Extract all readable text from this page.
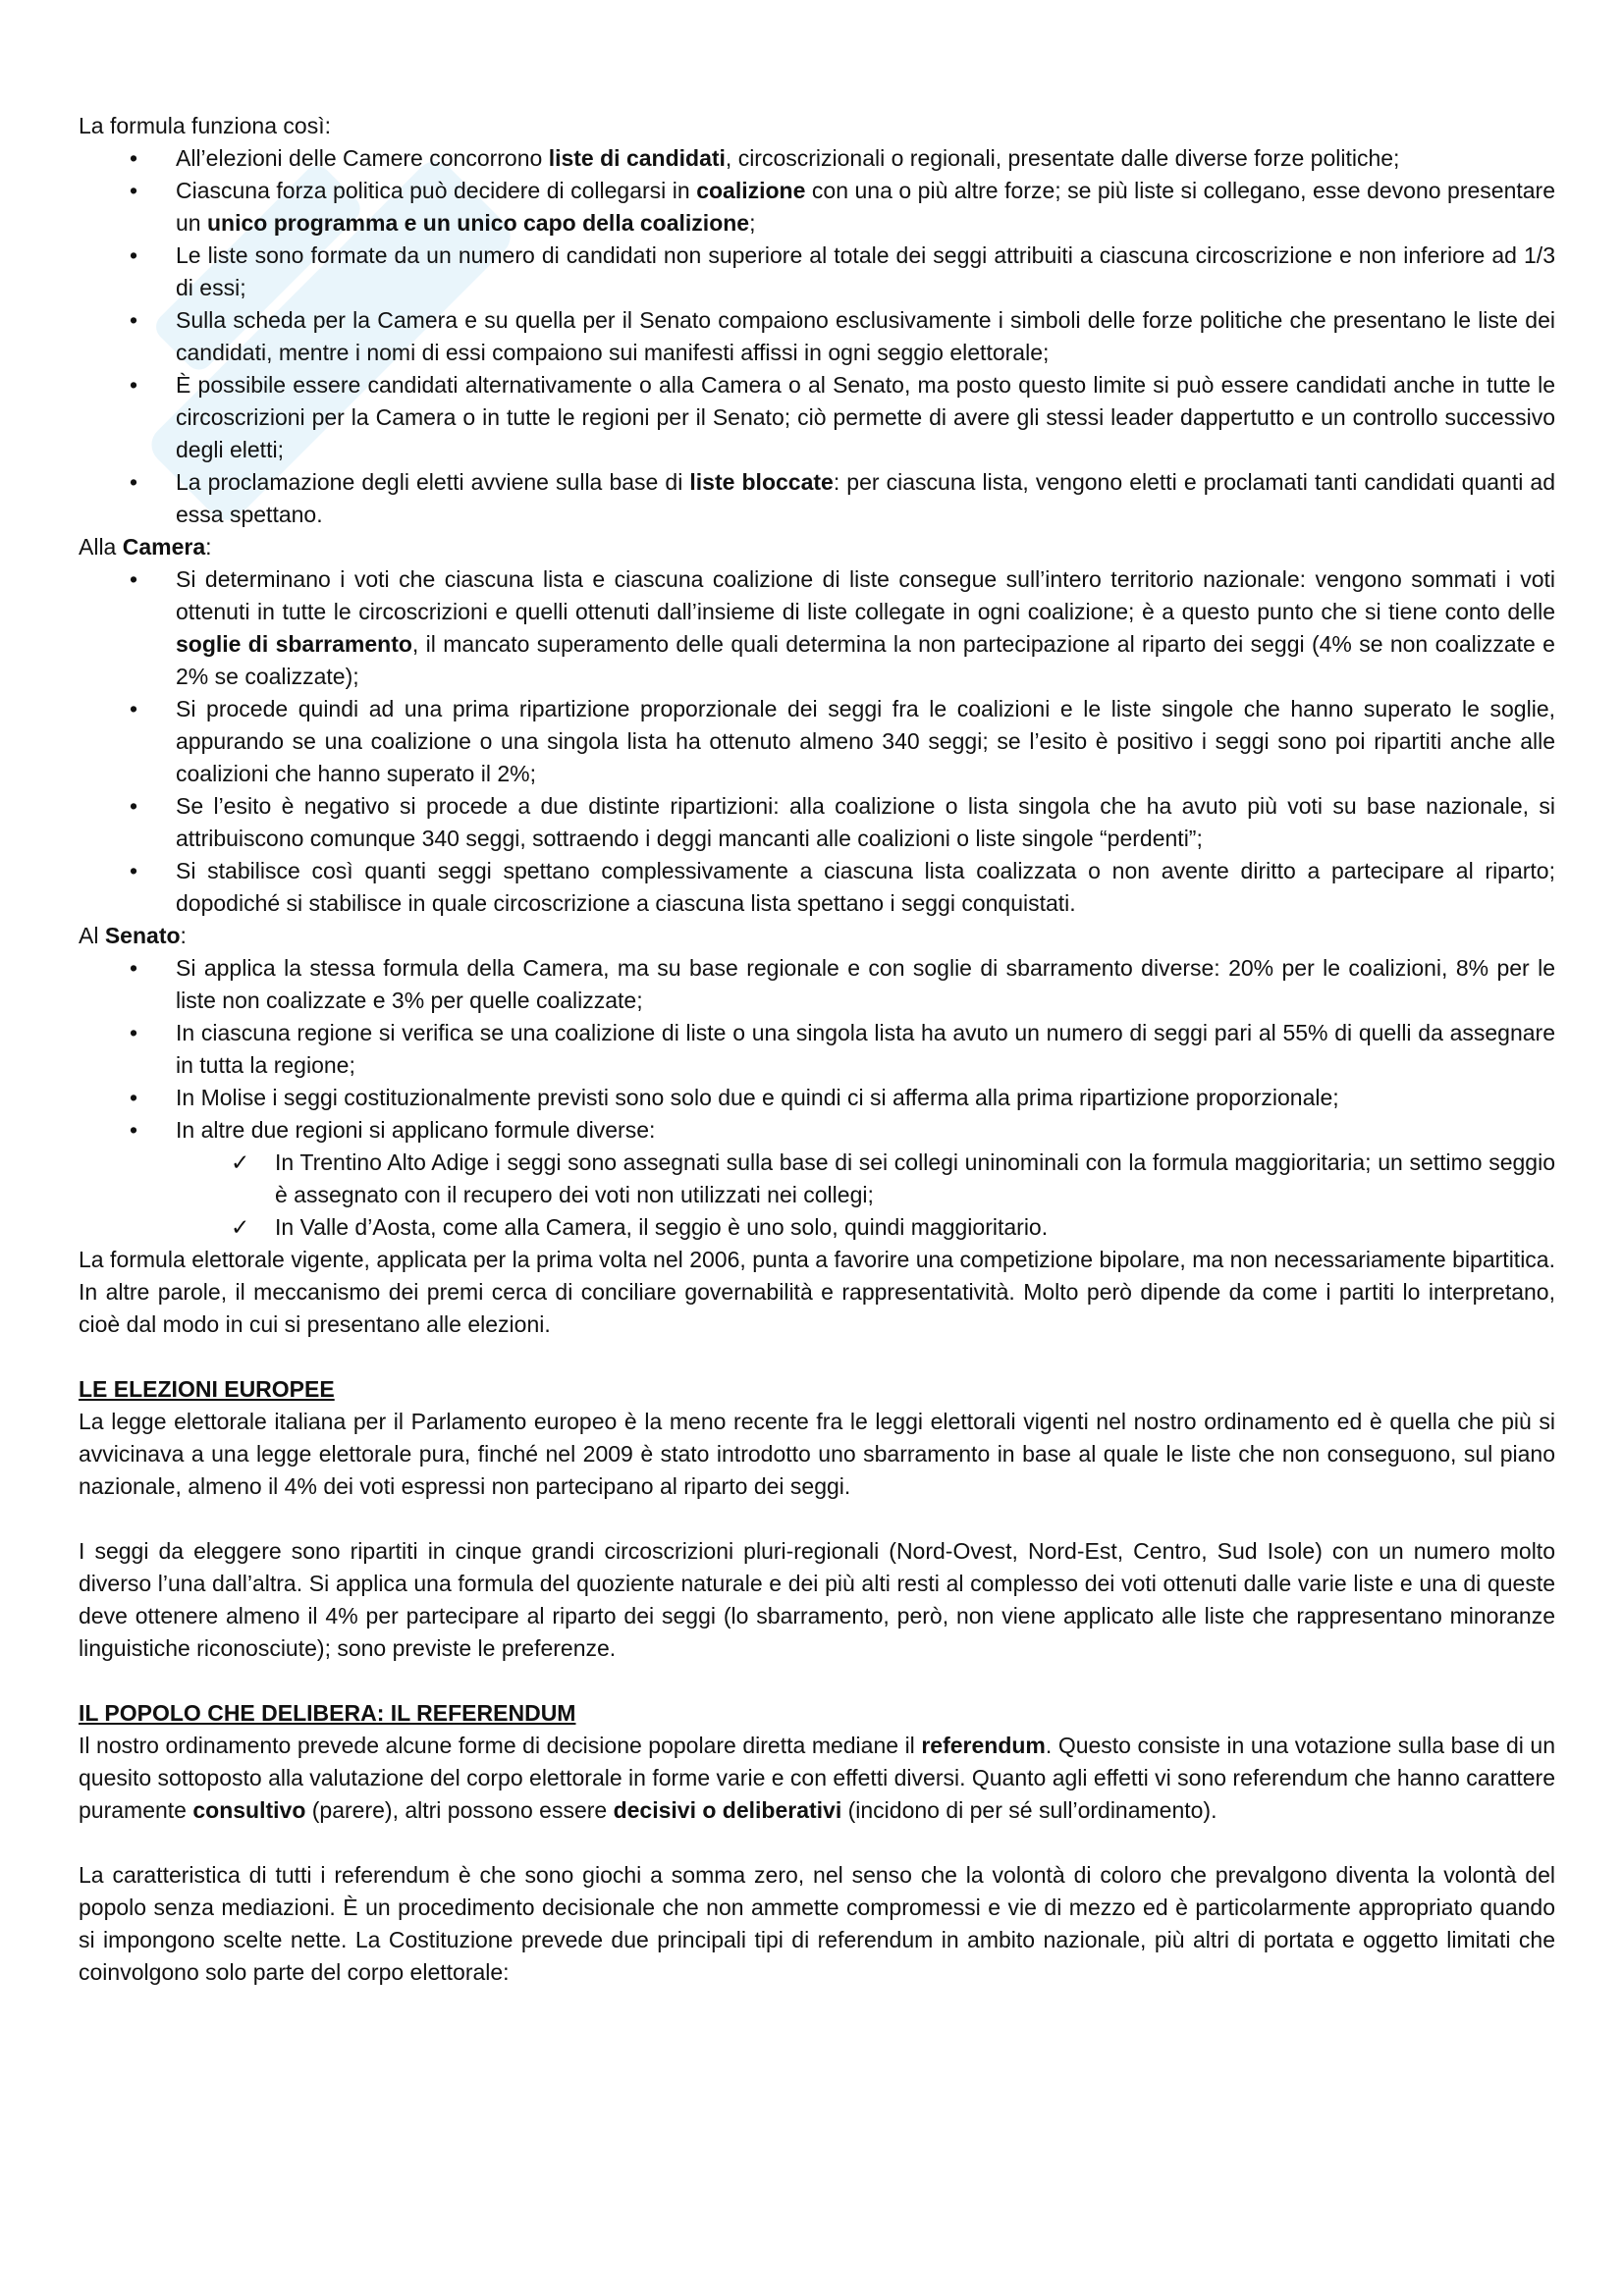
La formula funziona così:

• All’elezioni delle Camere concorrono liste di candidati, circoscrizionali o regionali, presentate dalle diverse forze politiche;
• Ciascuna forza politica può decidere di collegarsi in coalizione con una o più altre forze; se più liste si collegano, esse devono presentare un unico programma e un unico capo della coalizione;
• Le liste sono formate da un numero di candidati non superiore al totale dei seggi attribuiti a ciascuna circoscrizione e non inferiore ad 1/3 di essi;
• Sulla scheda per la Camera e su quella per il Senato compaiono esclusivamente i simboli delle forze politiche che presentano le liste dei candidati, mentre i nomi di essi compaiono sui manifesti affissi in ogni seggio elettorale;
• È possibile essere candidati alternativamente o alla Camera o al Senato, ma posto questo limite si può essere candidati anche in tutte le circoscrizioni per la Camera o in tutte le regioni per il Senato; ciò permette di avere gli stessi leader dappertutto e un controllo successivo degli eletti;
• La proclamazione degli eletti avviene sulla base di liste bloccate: per ciascuna lista, vengono eletti e proclamati tanti candidati quanti ad essa spettano.

Alla Camera:

• Si determinano i voti che ciascuna lista e ciascuna coalizione di liste consegue sull’intero territorio nazionale: vengono sommati i voti ottenuti in tutte le circoscrizioni e quelli ottenuti dall’insieme di liste collegate in ogni coalizione; è a questo punto che si tiene conto delle soglie di sbarramento, il mancato superamento delle quali determina la non partecipazione al riparto dei seggi (4% se non coalizzate e 2% se coalizzate);
• Si procede quindi ad una prima ripartizione proporzionale dei seggi fra le coalizioni e le liste singole che hanno superato le soglie, appurando se una coalizione o una singola lista ha ottenuto almeno 340 seggi; se l’esito è positivo i seggi sono poi ripartiti anche alle coalizioni che hanno superato il 2%;
• Se l’esito è negativo si procede a due distinte ripartizioni: alla coalizione o lista singola che ha avuto più voti su base nazionale, si attribuiscono comunque 340 seggi, sottraendo i deggi mancanti alle coalizioni o liste singole “perdenti”;
• Si stabilisce così quanti seggi spettano complessivamente a ciascuna lista coalizzata o non avente diritto a partecipare al riparto; dopodiché si stabilisce in quale circoscrizione a ciascuna lista spettano i seggi conquistati.

Al Senato:

• Si applica la stessa formula della Camera, ma su base regionale e con soglie di sbarramento diverse: 20% per le coalizioni, 8% per le liste non coalizzate e 3% per quelle coalizzate;
• In ciascuna regione si verifica se una coalizione di liste o una singola lista ha avuto un numero di seggi pari al 55% di quelli da assegnare in tutta la regione;
• In Molise i seggi costituzionalmente previsti sono solo due e quindi ci si afferma alla prima ripartizione proporzionale;
• In altre due regioni si applicano formule diverse:
✓ In Trentino Alto Adige i seggi sono assegnati sulla base di sei collegi uninominali con la formula maggioritaria; un settimo seggio è assegnato con il recupero dei voti non utilizzati nei collegi;
✓ In Valle d’Aosta, come alla Camera, il seggio è uno solo, quindi maggioritario.

La formula elettorale vigente, applicata per la prima volta nel 2006, punta a favorire una competizione bipolare, ma non necessariamente bipartitica. In altre parole, il meccanismo dei premi cerca di conciliare governabilità e rappresentatività. Molto però dipende da come i partiti lo interpretano, cioè dal modo in cui si presentano alle elezioni.

LE ELEZIONI EUROPEE

La legge elettorale italiana per il Parlamento europeo è la meno recente fra le leggi elettorali vigenti nel nostro ordinamento ed è quella che più si avvicinava a una legge elettorale pura, finché nel 2009 è stato introdotto uno sbarramento in base al quale le liste che non conseguono, sul piano nazionale, almeno il 4% dei voti espressi non partecipano al riparto dei seggi.

I seggi da eleggere sono ripartiti in cinque grandi circoscrizioni pluri-regionali (Nord-Ovest, Nord-Est, Centro, Sud Isole) con un numero molto diverso l’una dall’altra. Si applica una formula del quoziente naturale e dei più alti resti al complesso dei voti ottenuti dalle varie liste e una di queste deve ottenere almeno il 4% per partecipare al riparto dei seggi (lo sbarramento, però, non viene applicato alle liste che rappresentano minoranze linguistiche riconosciute); sono previste le preferenze.

IL POPOLO CHE DELIBERA: IL REFERENDUM

Il nostro ordinamento prevede alcune forme di decisione popolare diretta mediane il referendum. Questo consiste in una votazione sulla base di un quesito sottoposto alla valutazione del corpo elettorale in forme varie e con effetti diversi. Quanto agli effetti vi sono referendum che hanno carattere puramente consultivo (parere), altri possono essere decisivi o deliberativi (incidono di per sé sull’ordinamento).

La caratteristica di tutti i referendum è che sono giochi a somma zero, nel senso che la volontà di coloro che prevalgono diventa la volontà del popolo senza mediazioni. È un procedimento decisionale che non ammette compromessi e vie di mezzo ed è particolarmente appropriato quando si impongono scelte nette. La Costituzione prevede due principali tipi di referendum in ambito nazionale, più altri di portata e oggetto limitati che coinvolgono solo parte del corpo elettorale:
